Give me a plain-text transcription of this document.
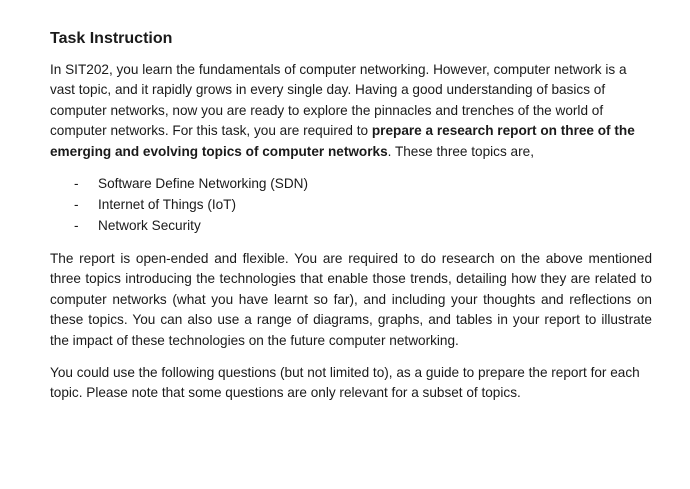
Task Instruction

In SIT202, you learn the fundamentals of computer networking. However, computer network is a vast topic, and it rapidly grows in every single day. Having a good understanding of basics of computer networks, now you are ready to explore the pinnacles and trenches of the world of computer networks. For this task, you are required to prepare a research report on three of the emerging and evolving topics of computer networks. These three topics are,

- Software Define Networking (SDN)
- Internet of Things (IoT)
- Network Security

The report is open-ended and flexible. You are required to do research on the above mentioned three topics introducing the technologies that enable those trends, detailing how they are related to computer networks (what you have learnt so far), and including your thoughts and reflections on these topics. You can also use a range of diagrams, graphs, and tables in your report to illustrate the impact of these technologies on the future computer networking.

You could use the following questions (but not limited to), as a guide to prepare the report for each topic. Please note that some questions are only relevant for a subset of topics.
